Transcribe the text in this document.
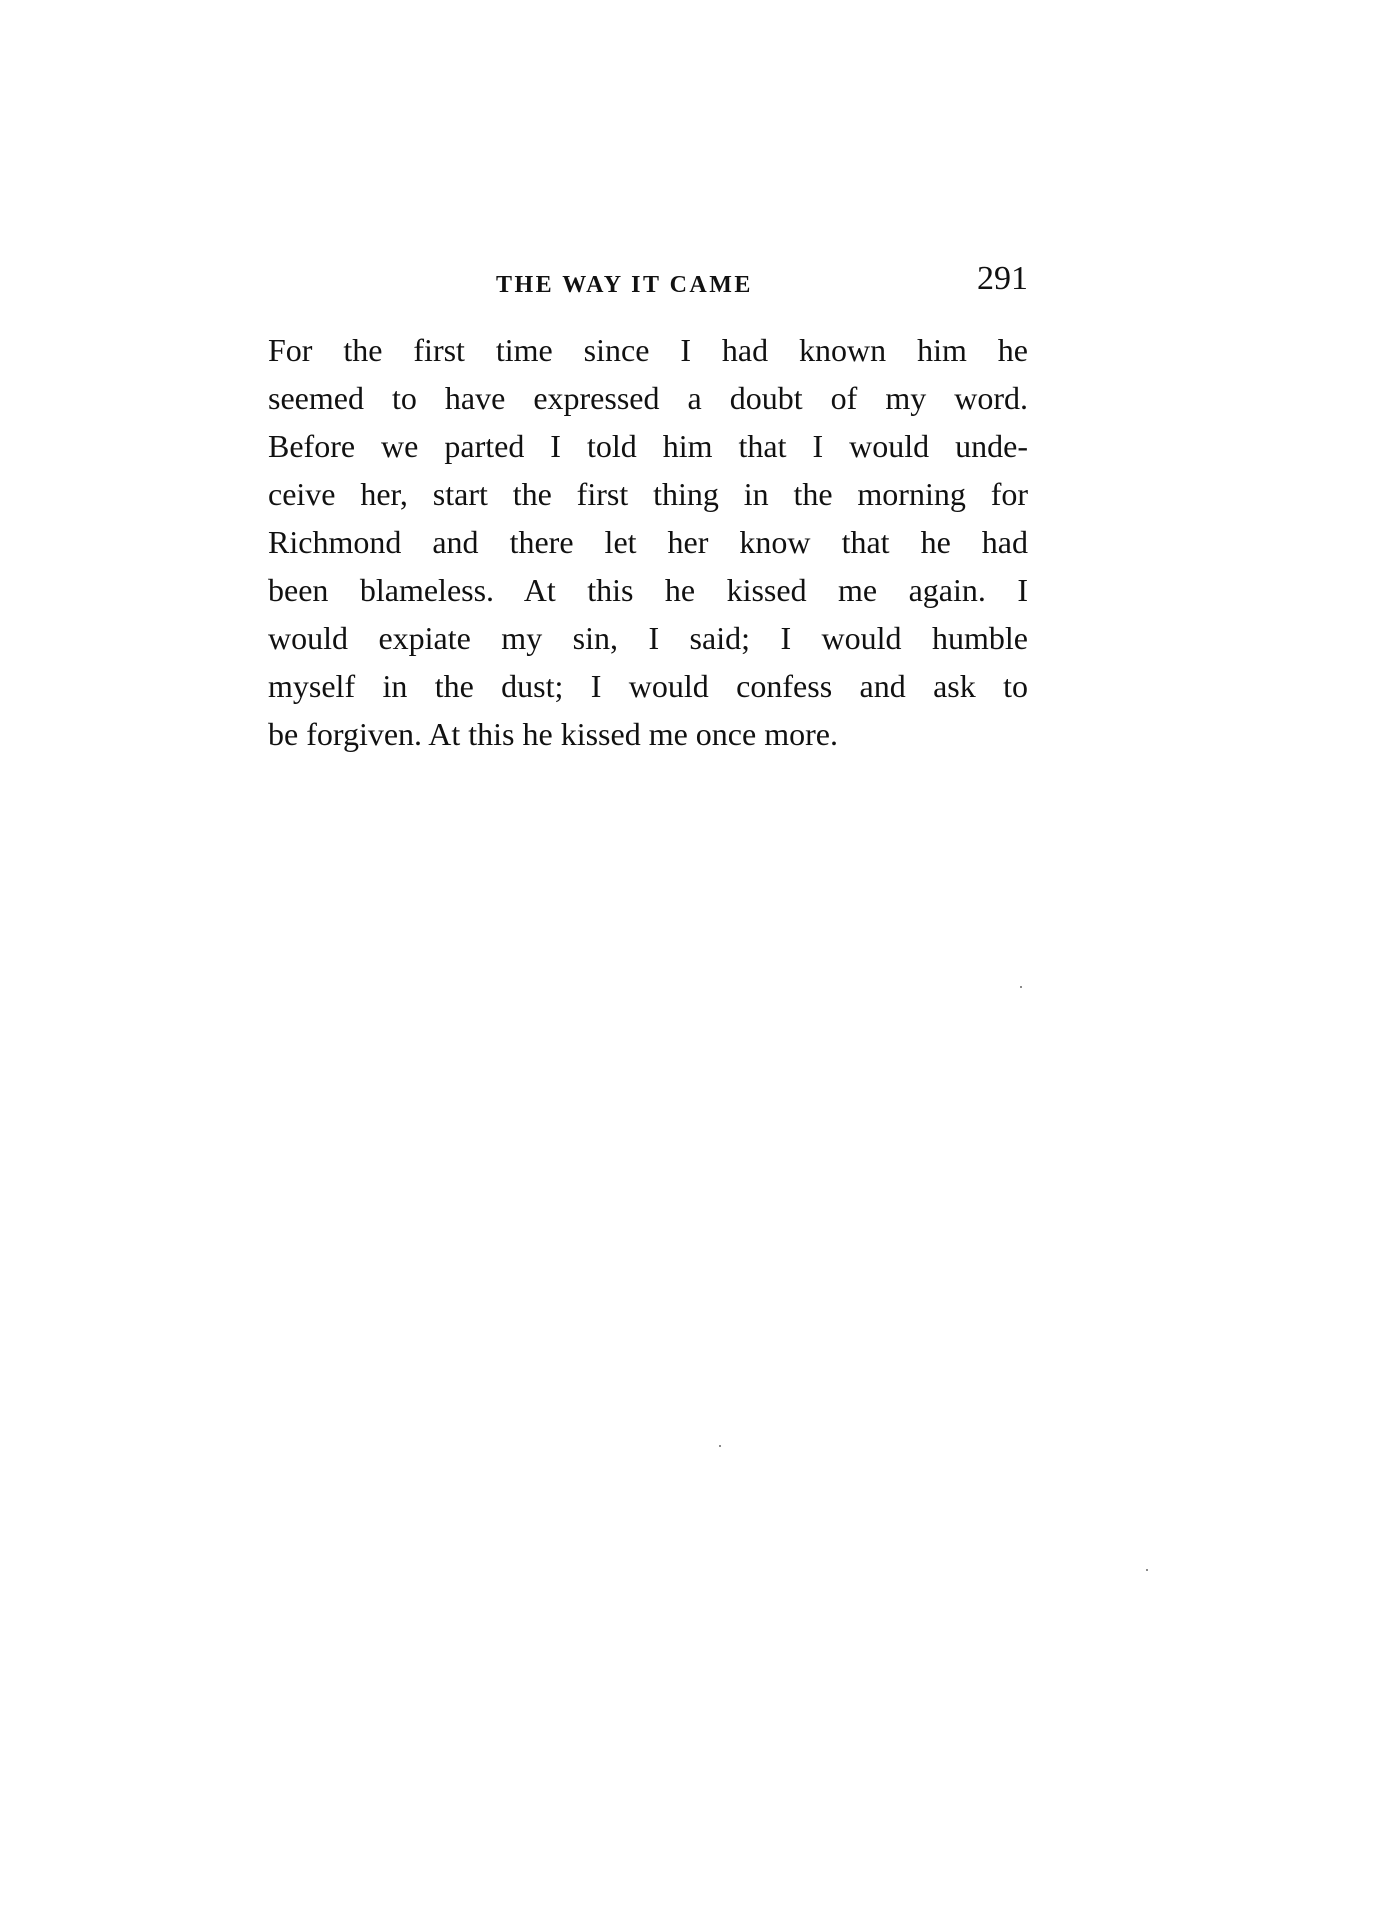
THE WAY IT CAME	291
For the first time since I had known him he
seemed to have expressed a doubt of my word.
Before we parted I told him that I would unde-
ceive her, start the first thing in the morning for
Richmond and there let her know that he had
been blameless. At this he kissed me again. I
would expiate my sin, I said; I would humble
myself in the dust; I would confess and ask to
be forgiven. At this he kissed me once more.
